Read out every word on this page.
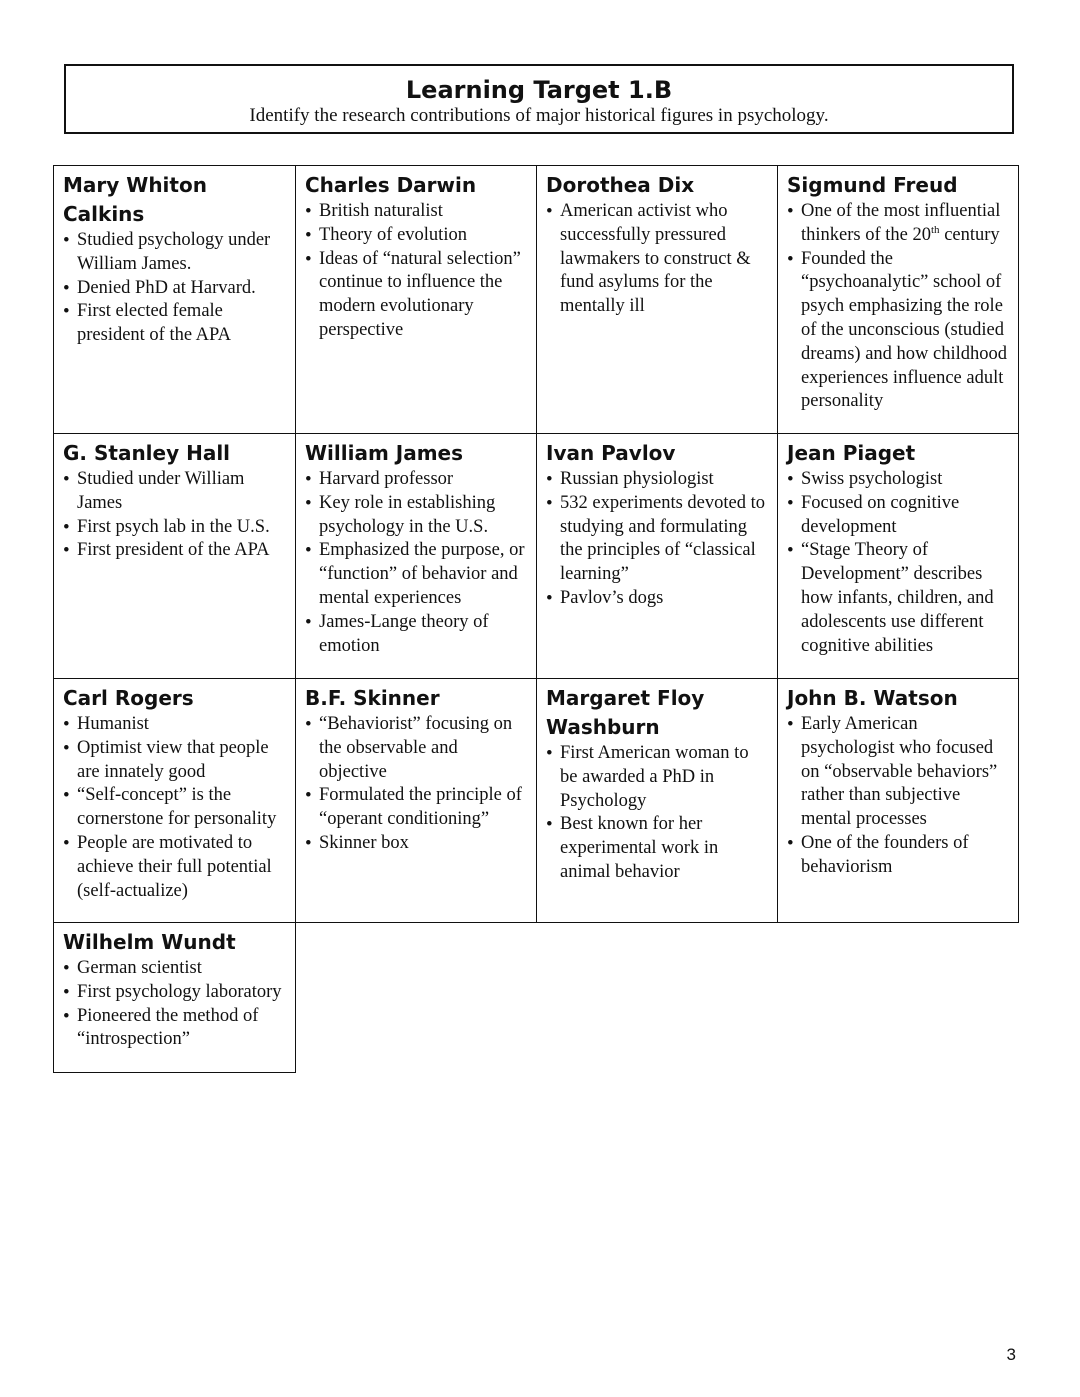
Learning Target 1.B
Identify the research contributions of major historical figures in psychology.
Mary Whiton Calkins
• Studied psychology under William James.
• Denied PhD at Harvard.
• First elected female president of the APA
Charles Darwin
• British naturalist
• Theory of evolution
• Ideas of “natural selection” continue to influence the modern evolutionary perspective
Dorothea Dix
• American activist who successfully pressured lawmakers to construct & fund asylums for the mentally ill
Sigmund Freud
• One of the most influential thinkers of the 20th century
• Founded the “psychoanalytic” school of psych emphasizing the role of the unconscious (studied dreams) and how childhood experiences influence adult personality
G. Stanley Hall
• Studied under William James
• First psych lab in the U.S.
• First president of the APA
William James
• Harvard professor
• Key role in establishing psychology in the U.S.
• Emphasized the purpose, or “function” of behavior and mental experiences
• James-Lange theory of emotion
Ivan Pavlov
• Russian physiologist
• 532 experiments devoted to studying and formulating the principles of “classical learning”
• Pavlov’s dogs
Jean Piaget
• Swiss psychologist
• Focused on cognitive development
• “Stage Theory of Development” describes how infants, children, and adolescents use different cognitive abilities
Carl Rogers
• Humanist
• Optimist view that people are innately good
• “Self-concept” is the cornerstone for personality
• People are motivated to achieve their full potential (self-actualize)
B.F. Skinner
• “Behaviorist” focusing on the observable and objective
• Formulated the principle of “operant conditioning”
• Skinner box
Margaret Floy Washburn
• First American woman to be awarded a PhD in Psychology
• Best known for her experimental work in animal behavior
John B. Watson
• Early American psychologist who focused on “observable behaviors” rather than subjective mental processes
• One of the founders of behaviorism
Wilhelm Wundt
• German scientist
• First psychology laboratory
• Pioneered the method of “introspection”
3
